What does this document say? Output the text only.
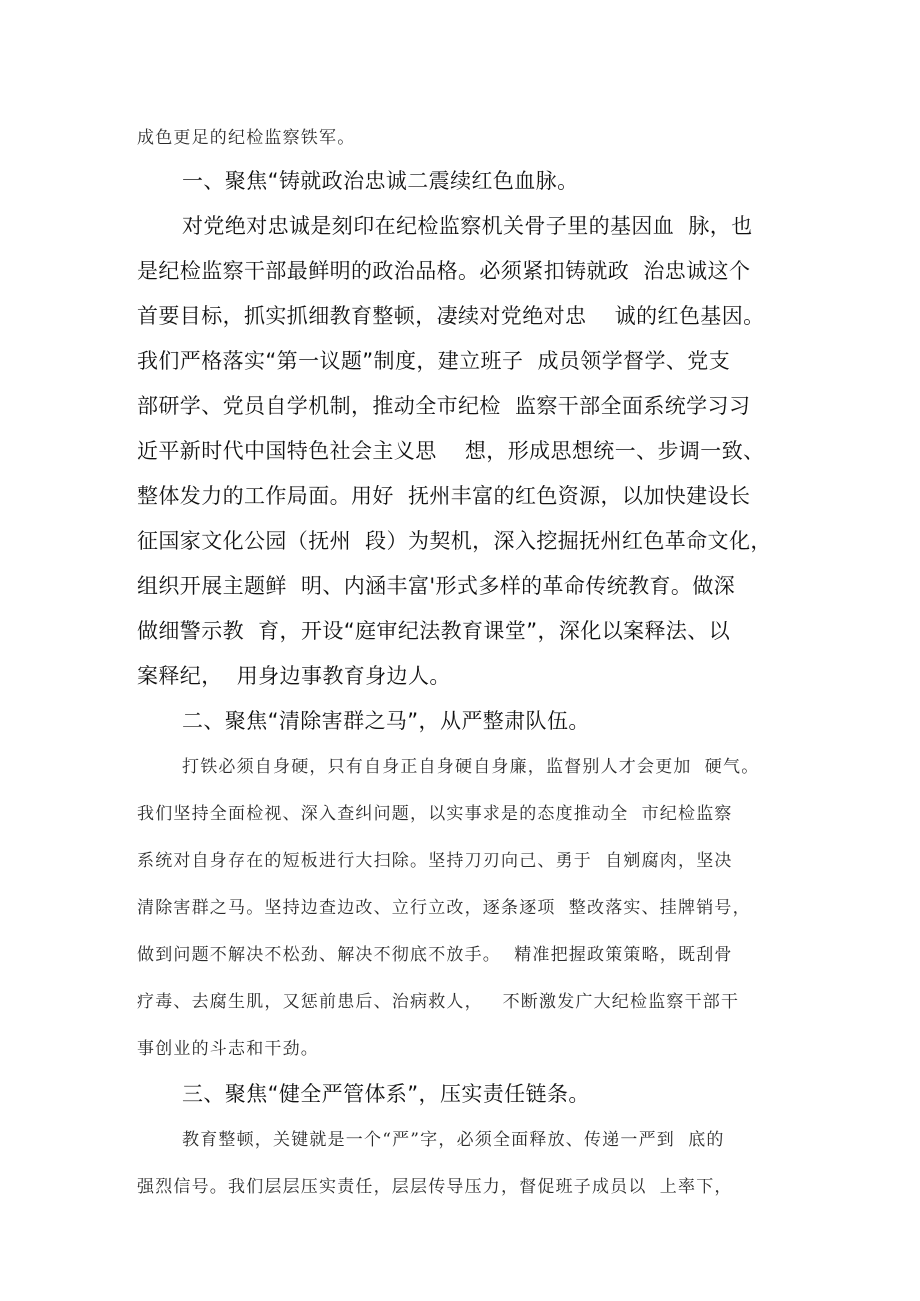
成色更足的纪检监察铁军。

一、聚焦“铸就政治忠诚二震续红色血脉。

对党绝对忠诚是刻印在纪检监察机关骨子里的基因血  脉，也

是纪检监察干部最鲜明的政治品格。必须紧扣铸就政  治忠诚这个

首要目标，抓实抓细教育整顿，凄续对党绝对忠    诚的红色基因。

我们严格落实“第一议题”制度，建立班子  成员领学督学、党支

部研学、党员自学机制，推动全市纪检  监察干部全面系统学习习

近平新时代中国特色社会主义思    想，形成思想统一、步调一致、

整体发力的工作局面。用好  抚州丰富的红色资源，以加快建设长

征国家文化公园（抚州  段）为契机，深入挖掘抚州红色革命文化，

组织开展主题鲜  明、内涵丰富'形式多样的革命传统教育。做深

做细警示教  育，开设“庭审纪法教育课堂”，深化以案释法、以

案释纪，  用身边事教育身边人。

二、聚焦“清除害群之马”，从严整肃队伍。

打铁必须自身硬，只有自身正自身硬自身廉，监督别人才会更加  硬气。

我们坚持全面检视、深入查纠问题，以实事求是的态度推动全  市纪检监察

系统对自身存在的短板进行大扫除。坚持刀刃向己、勇于  自剜腐肉，坚决

清除害群之马。坚持边查边改、立行立改，逐条逐项  整改落实、挂牌销号，

做到问题不解决不松劲、解决不彻底不放手。  精准把握政策策略，既刮骨

疗毒、去腐生肌，又惩前患后、治病救人，   不断激发广大纪检监察干部干

事创业的斗志和干劲。

三、聚焦“健全严管体系”，压实责任链条。

教育整顿，关键就是一个“严”字，必须全面释放、传递一严到  底的

强烈信号。我们层层压实责任，层层传导压力，督促班子成员以  上率下，
